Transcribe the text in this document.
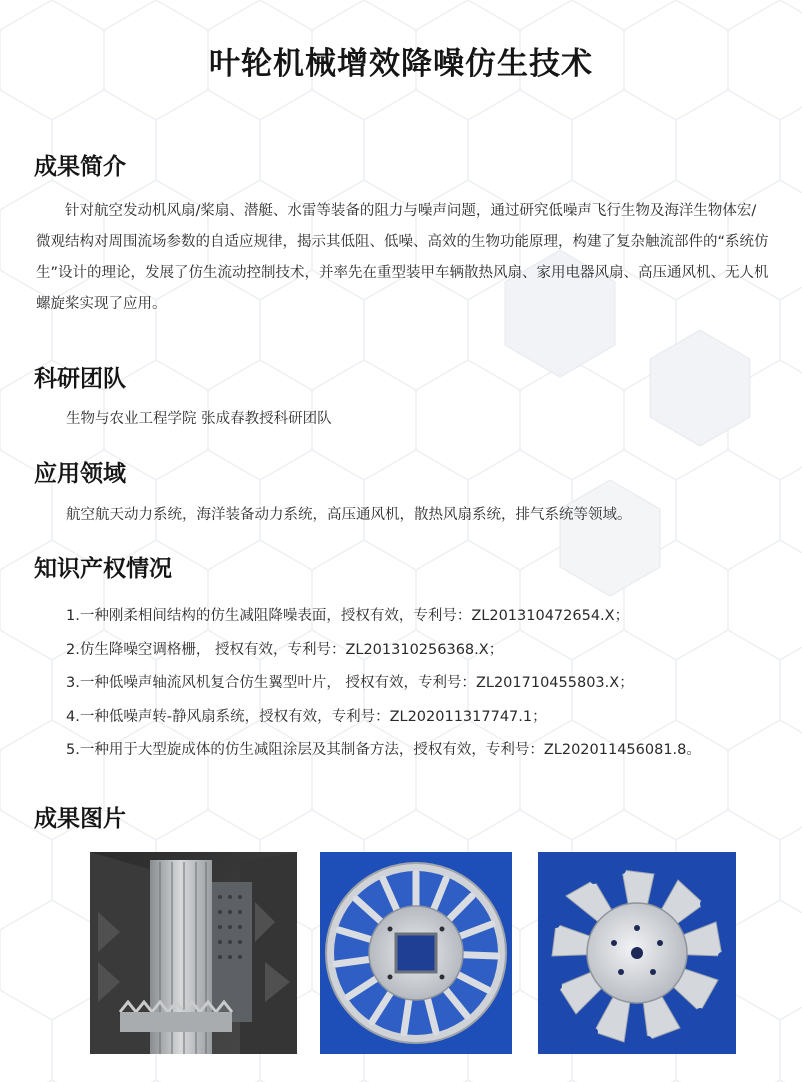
叶轮机械增效降噪仿生技术
成果简介

针对航空发动机风扇/桨扇、潜艇、水雷等装备的阻力与噪声问题，通过研究低噪声飞行生物及海洋生物体宏/微观结构对周围流场参数的自适应规律，揭示其低阻、低噪、高效的生物功能原理，构建了复杂触流部件的“系统仿生”设计的理论，发展了仿生流动控制技术，并率先在重型装甲车辆散热风扇、家用电器风扇、高压通风机、无人机螺旋桨实现了应用。

科研团队

生物与农业工程学院 张成春教授科研团队

应用领域

航空航天动力系统，海洋装备动力系统，高压通风机，散热风扇系统，排气系统等领域。

知识产权情况
1.一种刚柔相间结构的仿生减阻降噪表面，授权有效，专利号：ZL201310472654.X；
2.仿生降噪空调格栅， 授权有效，专利号：ZL201310256368.X；
3.一种低噪声轴流风机复合仿生翼型叶片， 授权有效，专利号：ZL201710455803.X；
4.一种低噪声转-静风扇系统，授权有效，专利号：ZL202011317747.1；
5.一种用于大型旋成体的仿生减阻涂层及其制备方法，授权有效，专利号：ZL202011456081.8。
成果图片
